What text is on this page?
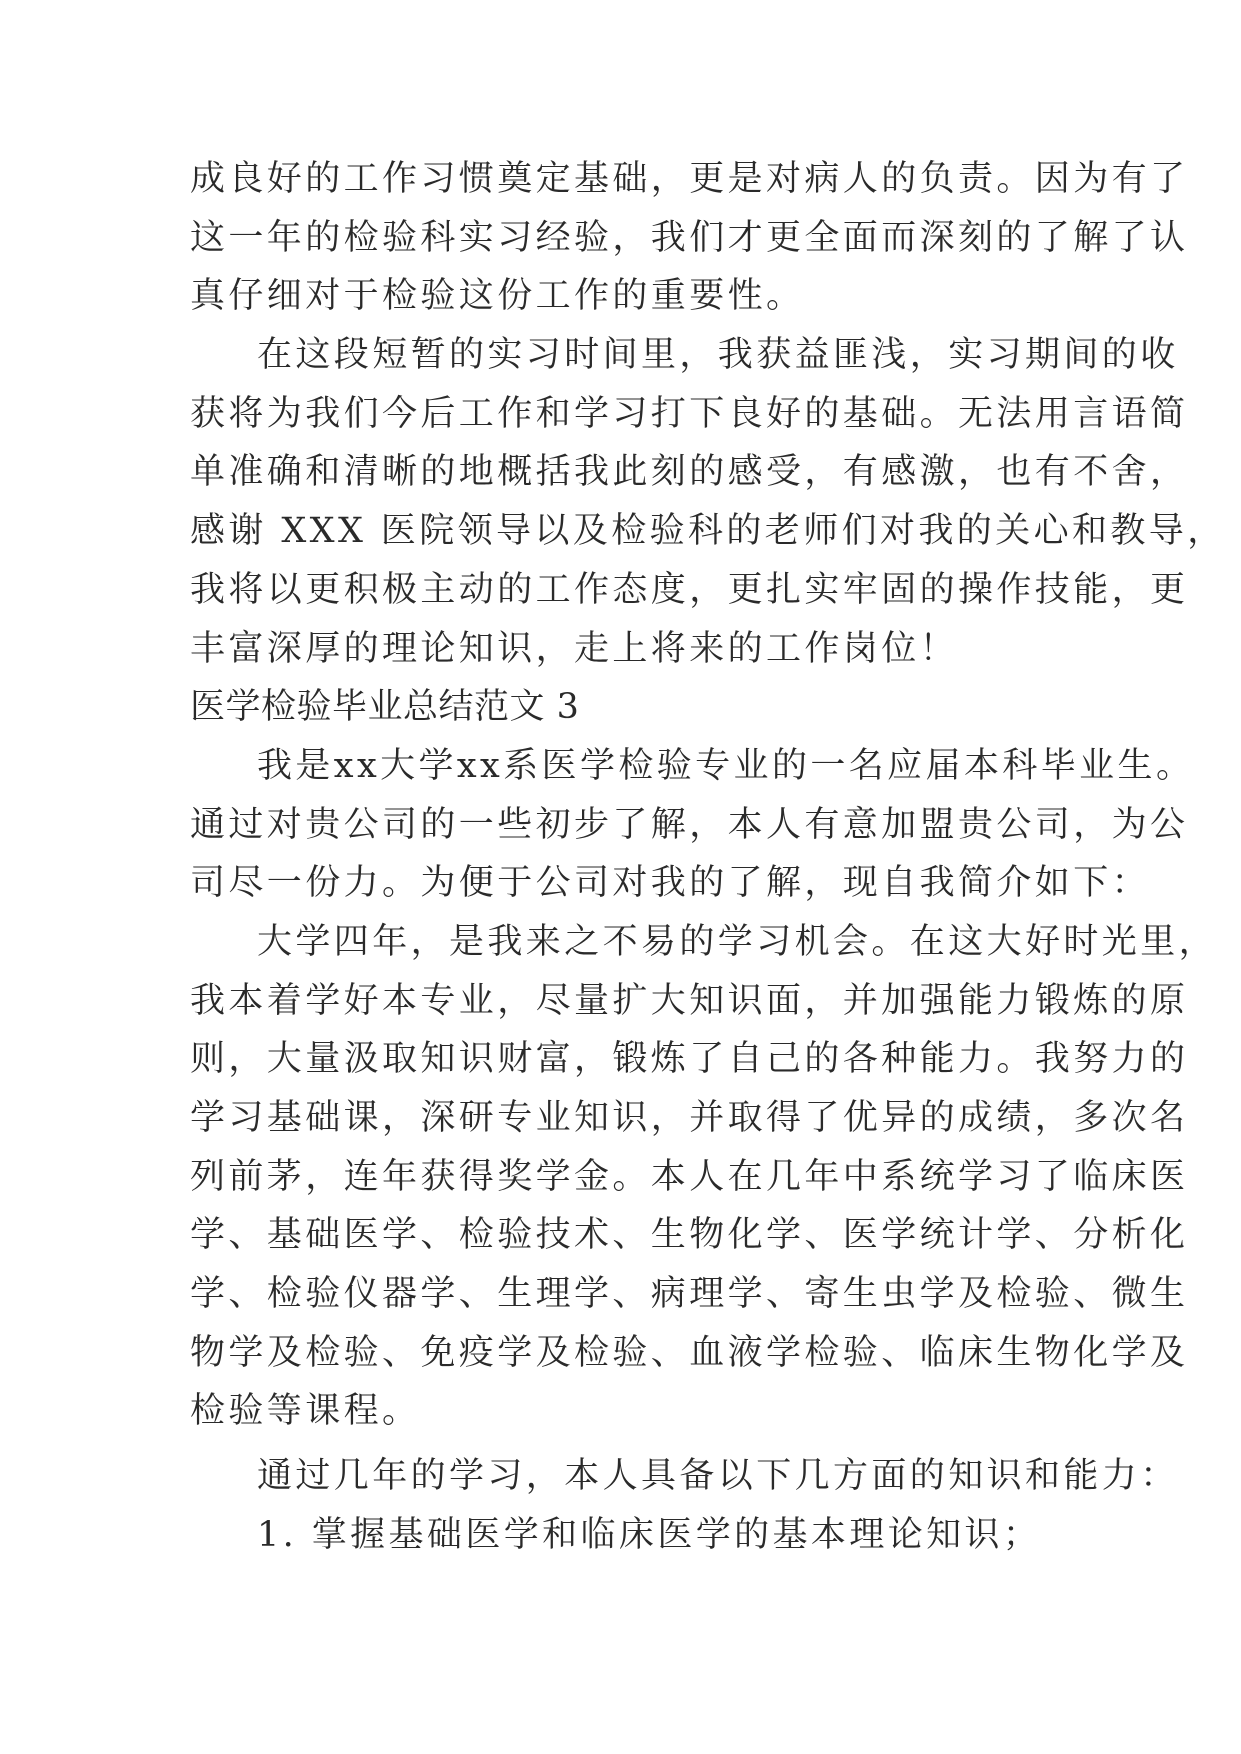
成良好的工作习惯奠定基础，更是对病人的负责。因为有了
这一年的检验科实习经验，我们才更全面而深刻的了解了认
真仔细对于检验这份工作的重要性。
在这段短暂的实习时间里，我获益匪浅，实习期间的收
获将为我们今后工作和学习打下良好的基础。无法用言语简
单准确和清晰的地概括我此刻的感受，有感激，也有不舍，
感谢 XXX 医院领导以及检验科的老师们对我的关心和教导，
我将以更积极主动的工作态度，更扎实牢固的操作技能，更
丰富深厚的理论知识，走上将来的工作岗位！
医学检验毕业总结范文 3
我是xx大学xx系医学检验专业的一名应届本科毕业生。
通过对贵公司的一些初步了解，本人有意加盟贵公司，为公
司尽一份力。为便于公司对我的了解，现自我简介如下：
大学四年，是我来之不易的学习机会。在这大好时光里，
我本着学好本专业，尽量扩大知识面，并加强能力锻炼的原
则，大量汲取知识财富，锻炼了自己的各种能力。我努力的
学习基础课，深研专业知识，并取得了优异的成绩，多次名
列前茅，连年获得奖学金。本人在几年中系统学习了临床医
学、基础医学、检验技术、生物化学、医学统计学、分析化
学、检验仪器学、生理学、病理学、寄生虫学及检验、微生
物学及检验、免疫学及检验、血液学检验、临床生物化学及
检验等课程。
通过几年的学习，本人具备以下几方面的知识和能力：
1. 掌握基础医学和临床医学的基本理论知识；
